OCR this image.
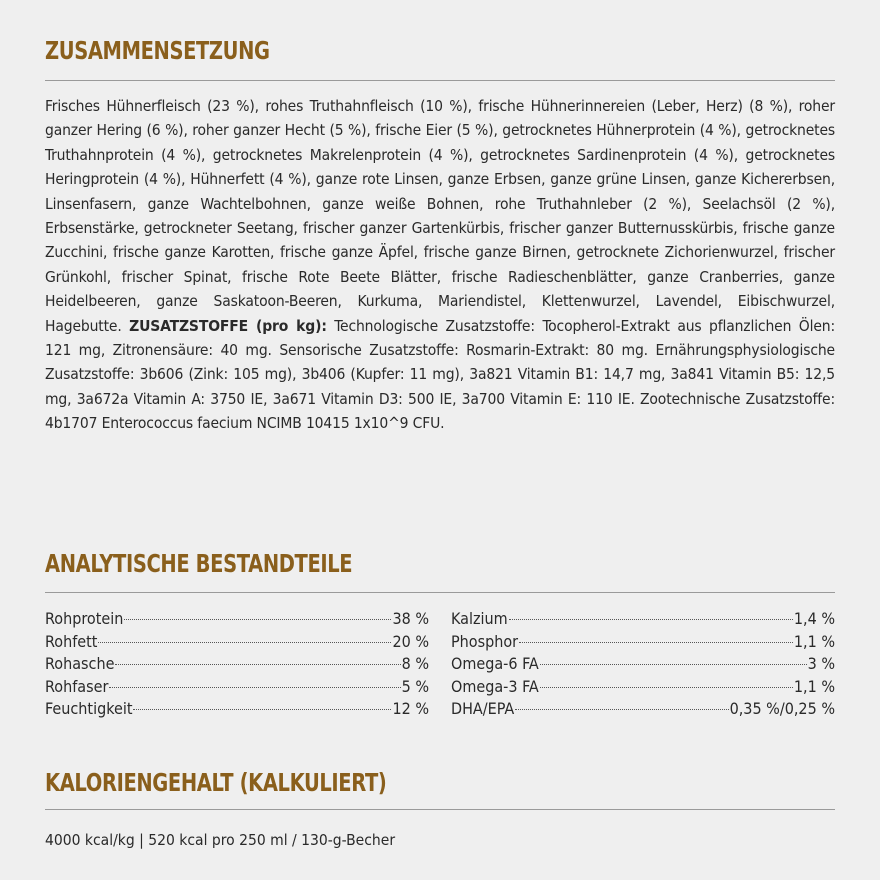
ZUSAMMENSETZUNG

Frisches Hühnerfleisch (23 %), rohes Truthahnfleisch (10 %), frische Hühnerinnereien (Leber, Herz) (8 %), roher ganzer Hering (6 %), roher ganzer Hecht (5 %), frische Eier (5 %), getrocknetes Hühnerprotein (4 %), getrocknetes Truthahnprotein (4 %), getrocknetes Makrelenprotein (4 %), getrocknetes Sardinenprotein (4 %), getrocknetes Heringprotein (4 %), Hühnerfett (4 %), ganze rote Linsen, ganze Erbsen, ganze grüne Linsen, ganze Kichererbsen, Linsenfasern, ganze Wachtelbohnen, ganze weiße Bohnen, rohe Truthahnleber (2 %), Seelachsöl (2 %), Erbsenstärke, getrockneter Seetang, frischer ganzer Gartenkürbis, frischer ganzer Butternusskürbis, frische ganze Zucchini, frische ganze Karotten, frische ganze Äpfel, frische ganze Birnen, getrocknete Zichorienwurzel, frischer Grünkohl, frischer Spinat, frische Rote Beete Blätter, frische Radieschenblätter, ganze Cranberries, ganze Heidelbeeren, ganze Saskatoon-Beeren, Kurkuma, Mariendistel, Klettenwurzel, Lavendel, Eibischwurzel, Hagebutte. ZUSATZSTOFFE (pro kg): Technologische Zusatzstoffe: Tocopherol-Extrakt aus pflanzlichen Ölen: 121 mg, Zitronensäure: 40 mg. Sensorische Zusatzstoffe: Rosmarin-Extrakt: 80 mg. Ernährungsphysiologische Zusatzstoffe: 3b606 (Zink: 105 mg), 3b406 (Kupfer: 11 mg), 3a821 Vitamin B1: 14,7 mg, 3a841 Vitamin B5: 12,5 mg, 3a672a Vitamin A: 3750 IE, 3a671 Vitamin D3: 500 IE, 3a700 Vitamin E: 110 IE. Zootechnische Zusatzstoffe: 4b1707 Enterococcus faecium NCIMB 10415 1x10^9 CFU.

ANALYTISCHE BESTANDTEILE
Rohprotein	38 %
Rohfett	20 %
Rohasche	8 %
Rohfaser	5 %
Feuchtigkeit	12 %
Kalzium	1,4 %
Phosphor	1,1 %
Omega-6 FA	3 %
Omega-3 FA	1,1 %
DHA/EPA	0,35 %/0,25 %
KALORIENGEHALT (KALKULIERT)

4000 kcal/kg | 520 kcal pro 250 ml / 130-g-Becher
